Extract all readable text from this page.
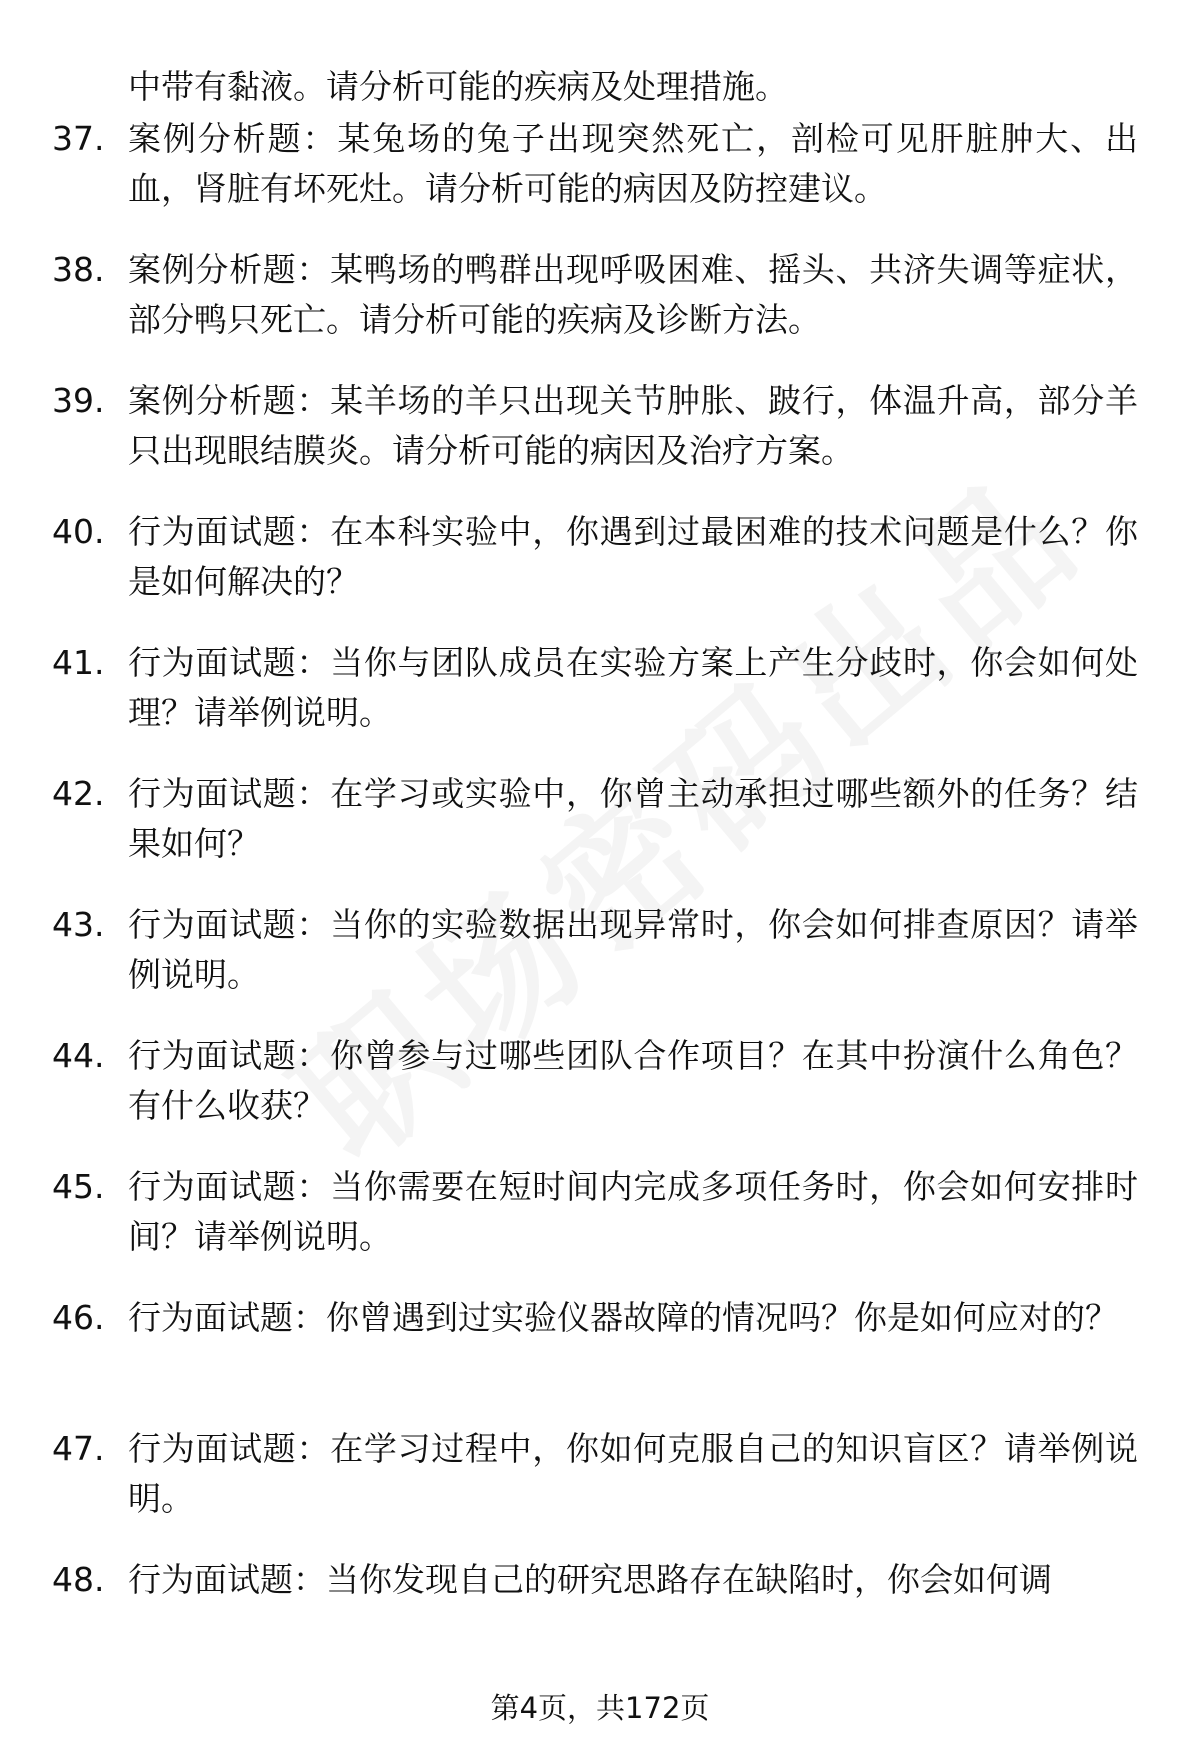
中带有黏液。请分析可能的疾病及处理措施。
37. 案例分析题：某兔场的兔子出现突然死亡，剖检可见肝脏肿大、出血，肾脏有坏死灶。请分析可能的病因及防控建议。
38. 案例分析题：某鸭场的鸭群出现呼吸困难、摇头、共济失调等症状，部分鸭只死亡。请分析可能的疾病及诊断方法。
39. 案例分析题：某羊场的羊只出现关节肿胀、跛行，体温升高，部分羊只出现眼结膜炎。请分析可能的病因及治疗方案。
40. 行为面试题：在本科实验中，你遇到过最困难的技术问题是什么？你是如何解决的？
41. 行为面试题：当你与团队成员在实验方案上产生分歧时，你会如何处理？请举例说明。
42. 行为面试题：在学习或实验中，你曾主动承担过哪些额外的任务？结果如何？
43. 行为面试题：当你的实验数据出现异常时，你会如何排查原因？请举例说明。
44. 行为面试题：你曾参与过哪些团队合作项目？在其中扮演什么角色？有什么收获？
45. 行为面试题：当你需要在短时间内完成多项任务时，你会如何安排时间？请举例说明。
46. 行为面试题：你曾遇到过实验仪器故障的情况吗？你是如何应对的？
47. 行为面试题：在学习过程中，你如何克服自己的知识盲区？请举例说明。
48. 行为面试题：当你发现自己的研究思路存在缺陷时，你会如何调
第4页，共172页
